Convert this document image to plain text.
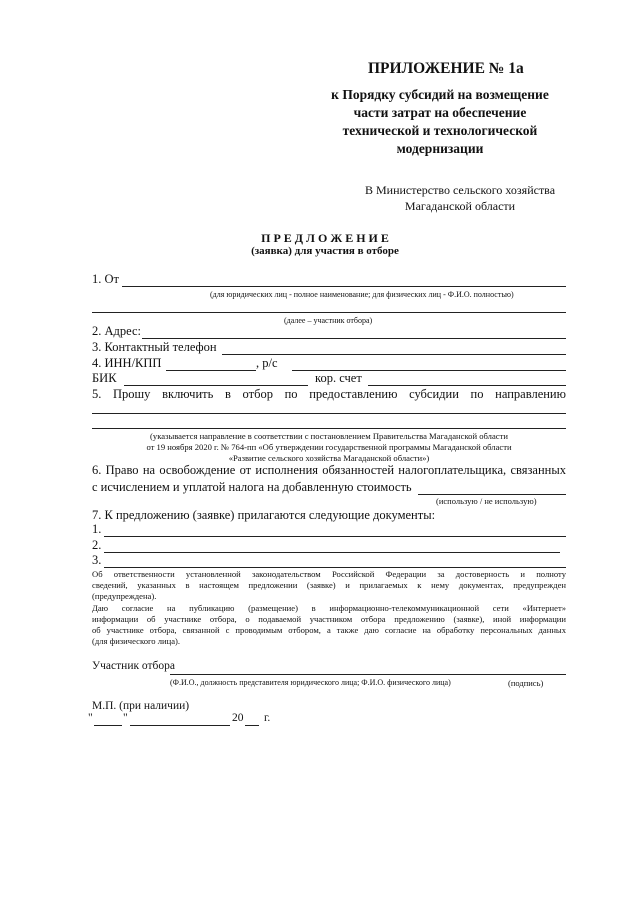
ПРИЛОЖЕНИЕ № 1а
к Порядку субсидий на возмещение
части затрат на обеспечение
технической и технологической
модернизации
В Министерство сельского хозяйства
Магаданской области
П Р Е Д Л О Ж Е Н И Е
(заявка) для участия в отборе
1. От
(для юридических лиц - полное наименование; для физических лиц - Ф.И.О. полностью)
(далее – участник отбора)
2. Адрес:
3. Контактный телефон
4. ИНН/КПП	, р/с
БИК	кор. счет
5. Прошу включить в отбор по предоставлению субсидии по направлению
(указывается направление в соответствии с постановлением Правительства Магаданской области
от 19 ноября 2020 г. № 764-пп «Об утверждении государственной программы Магаданской области
«Развитие сельского хозяйства Магаданской области»)
6. Право на освобождение от исполнения обязанностей налогоплательщика, связанных
с исчислением и уплатой налога на добавленную стоимость
(использую / не использую)
7. К предложению (заявке) прилагаются следующие документы:
1.
2.
3.
Об ответственности установленной законодательством Российской Федерации за достоверность и полноту
сведений, указанных в настоящем предложении (заявке) и прилагаемых к нему документах, предупрежден
(предупреждена).
Даю согласие на публикацию (размещение) в информационно-телекоммуникационной сети «Интернет»
информации об участнике отбора, о подаваемой участником отбора предложению (заявке), иной информации
об участнике отбора, связанной с проводимым отбором, а также даю согласие на обработку персональных данных
(для физического лица).
Участник отбора
(Ф.И.О., должность представителя юридического лица; Ф.И.О. физического лица)	(подпись)
М.П. (при наличии)
"	"	20 г.
